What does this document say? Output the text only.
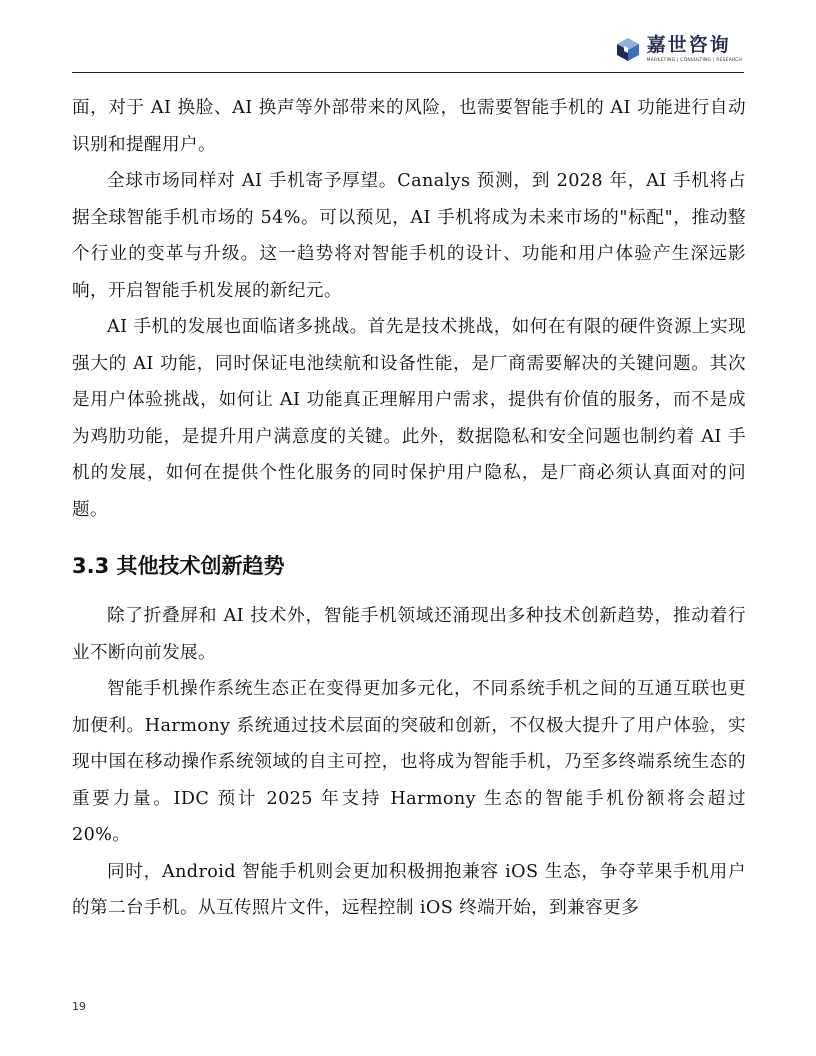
嘉世咨询
MARKETING | CONSULTING | RESEARCH

面，对于 AI 换脸、AI 换声等外部带来的风险，也需要智能手机的 AI 功能进行自动识别和提醒用户。

全球市场同样对 AI 手机寄予厚望。Canalys 预测，到 2028 年，AI 手机将占据全球智能手机市场的 54%。可以预见，AI 手机将成为未来市场的"标配"，推动整个行业的变革与升级。这一趋势将对智能手机的设计、功能和用户体验产生深远影响，开启智能手机发展的新纪元。

AI 手机的发展也面临诸多挑战。首先是技术挑战，如何在有限的硬件资源上实现强大的 AI 功能，同时保证电池续航和设备性能，是厂商需要解决的关键问题。其次是用户体验挑战，如何让 AI 功能真正理解用户需求，提供有价值的服务，而不是成为鸡肋功能，是提升用户满意度的关键。此外，数据隐私和安全问题也制约着 AI 手机的发展，如何在提供个性化服务的同时保护用户隐私，是厂商必须认真面对的问题。

3.3 其他技术创新趋势

除了折叠屏和 AI 技术外，智能手机领域还涌现出多种技术创新趋势，推动着行业不断向前发展。

智能手机操作系统生态正在变得更加多元化，不同系统手机之间的互通互联也更加便利。Harmony 系统通过技术层面的突破和创新，不仅极大提升了用户体验，实现中国在移动操作系统领域的自主可控，也将成为智能手机，乃至多终端系统生态的重要力量。IDC 预计 2025 年支持 Harmony 生态的智能手机份额将会超过 20%。

同时，Android 智能手机则会更加积极拥抱兼容 iOS 生态，争夺苹果手机用户的第二台手机。从互传照片文件，远程控制 iOS 终端开始，到兼容更多

19
